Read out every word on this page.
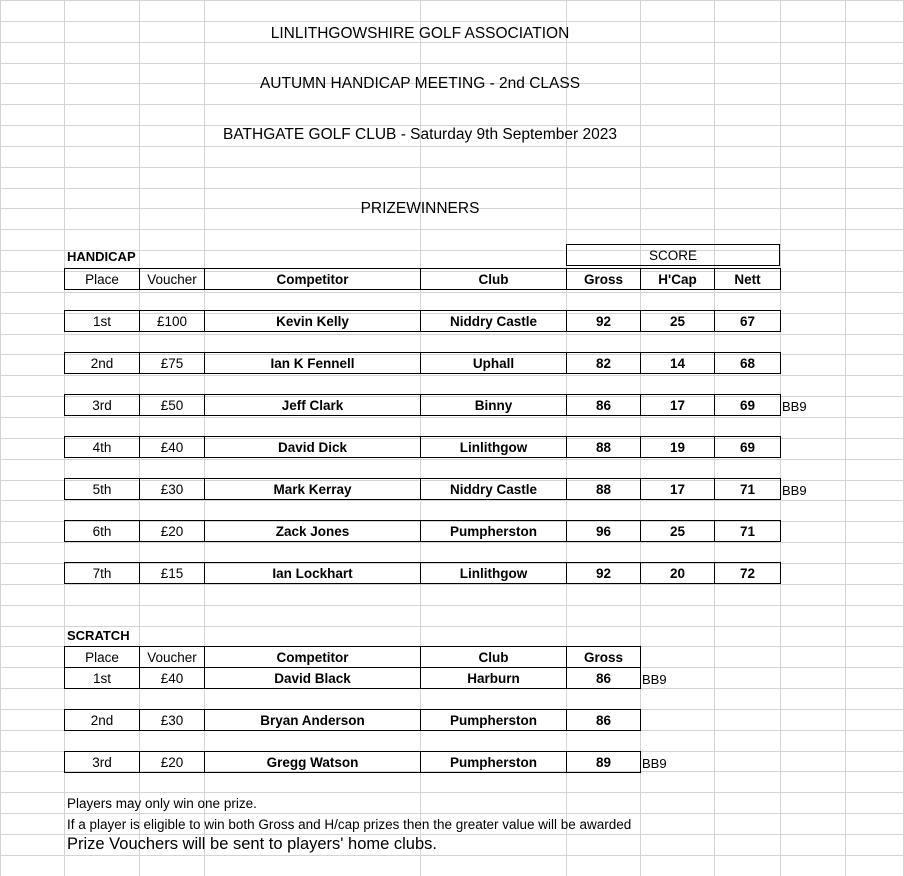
LINLITHGOWSHIRE GOLF ASSOCIATION
AUTUMN HANDICAP MEETING - 2nd CLASS
BATHGATE GOLF CLUB - Saturday 9th September 2023
PRIZEWINNERS
HANDICAP	SCORE
Place	Voucher	Competitor	Club	Gross	H'Cap	Nett
1st	£100	Kevin Kelly	Niddry Castle	92	25	67
2nd	£75	Ian K Fennell	Uphall	82	14	68
3rd	£50	Jeff Clark	Binny	86	17	69 BB9
4th	£40	David Dick	Linlithgow	88	19	69
5th	£30	Mark Kerray	Niddry Castle	88	17	71 BB9
6th	£20	Zack Jones	Pumpherston	96	25	71
7th	£15	Ian Lockhart	Linlithgow	92	20	72
SCRATCH
Place	Voucher	Competitor	Club	Gross
1st	£40	David Black	Harburn	86 BB9
2nd	£30	Bryan Anderson	Pumpherston	86
3rd	£20	Gregg Watson	Pumpherston	89 BB9
Players may only win one prize.
If a player is eligible to win both Gross and H/cap prizes then the greater value will be awarded
Prize Vouchers will be sent to players' home clubs.
